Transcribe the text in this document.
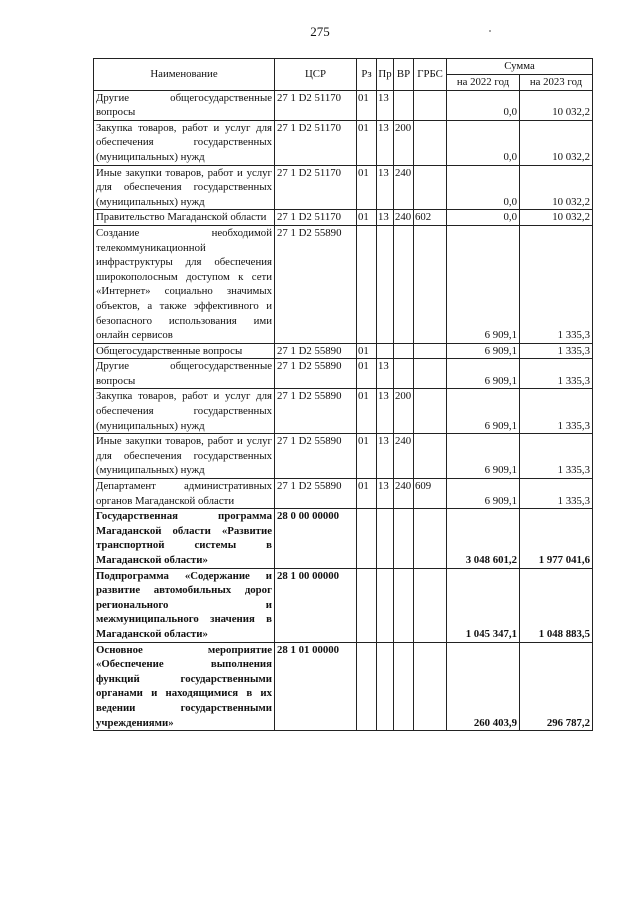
275
Наименование	ЦСР	Рз	Пр	ВР	ГРБС	Сумма	
						на 2022 год	на 2023 год
Другие общегосударственные вопросы	27 1 D2 51170	01	13			0,0	10 032,2
Закупка товаров, работ и услуг для обеспечения государственных (муниципальных) нужд	27 1 D2 51170	01	13	200		0,0	10 032,2
Иные закупки товаров, работ и услуг для обеспечения государственных (муниципальных) нужд	27 1 D2 51170	01	13	240		0,0	10 032,2
Правительство Магаданской области	27 1 D2 51170	01	13	240	602	0,0	10 032,2
Создание необходимой телекоммуникационной инфраструктуры для обеспечения широкополосным доступом к сети «Интернет» социально значимых объектов, а также эффективного и безопасного использования ими онлайн сервисов	27 1 D2 55890					6 909,1	1 335,3
Общегосударственные вопросы	27 1 D2 55890	01				6 909,1	1 335,3
Другие общегосударственные вопросы	27 1 D2 55890	01	13			6 909,1	1 335,3
Закупка товаров, работ и услуг для обеспечения государственных (муниципальных) нужд	27 1 D2 55890	01	13	200		6 909,1	1 335,3
Иные закупки товаров, работ и услуг для обеспечения государственных (муниципальных) нужд	27 1 D2 55890	01	13	240		6 909,1	1 335,3
Департамент административных органов Магаданской области	27 1 D2 55890	01	13	240	609	6 909,1	1 335,3
Государственная программа Магаданской области «Развитие транспортной системы в Магаданской области»	28 0 00 00000					3 048 601,2	1 977 041,6
Подпрограмма «Содержание и развитие автомобильных дорог регионального и межмуниципального значения в Магаданской области»	28 1 00 00000					1 045 347,1	1 048 883,5
Основное мероприятие «Обеспечение выполнения функций государственными органами и находящимися в их ведении государственными учреждениями»	28 1 01 00000					260 403,9	296 787,2
